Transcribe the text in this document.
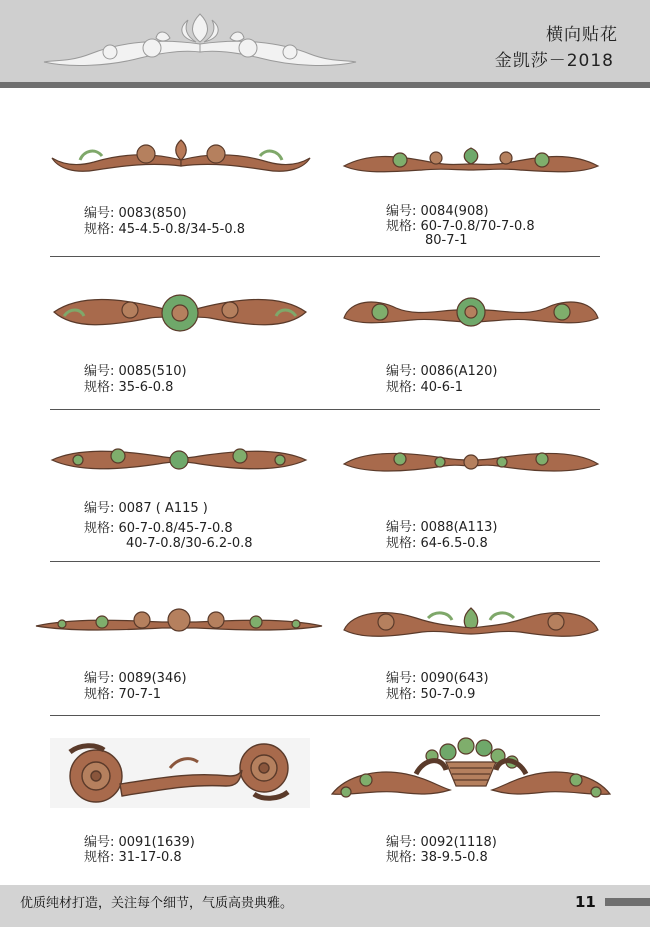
横向贴花
金凯莎－2018
编号: 0083(850)
规格: 45-4.5-0.8/34-5-0.8
编号: 0084(908)
规格: 60-7-0.8/70-7-0.8
80-7-1
编号: 0085(510)
规格: 35-6-0.8
编号: 0086(A120)
规格: 40-6-1
编号: 0087 ( A115 )
规格: 60-7-0.8/45-7-0.8
40-7-0.8/30-6.2-0.8
编号: 0088(A113)
规格: 64-6.5-0.8
编号: 0089(346)
规格: 70-7-1
编号: 0090(643)
规格: 50-7-0.9
编号: 0091(1639)
规格: 31-17-0.8
编号: 0092(1118)
规格: 38-9.5-0.8
优质纯材打造，关注每个细节，气质高贵典雅。	11
